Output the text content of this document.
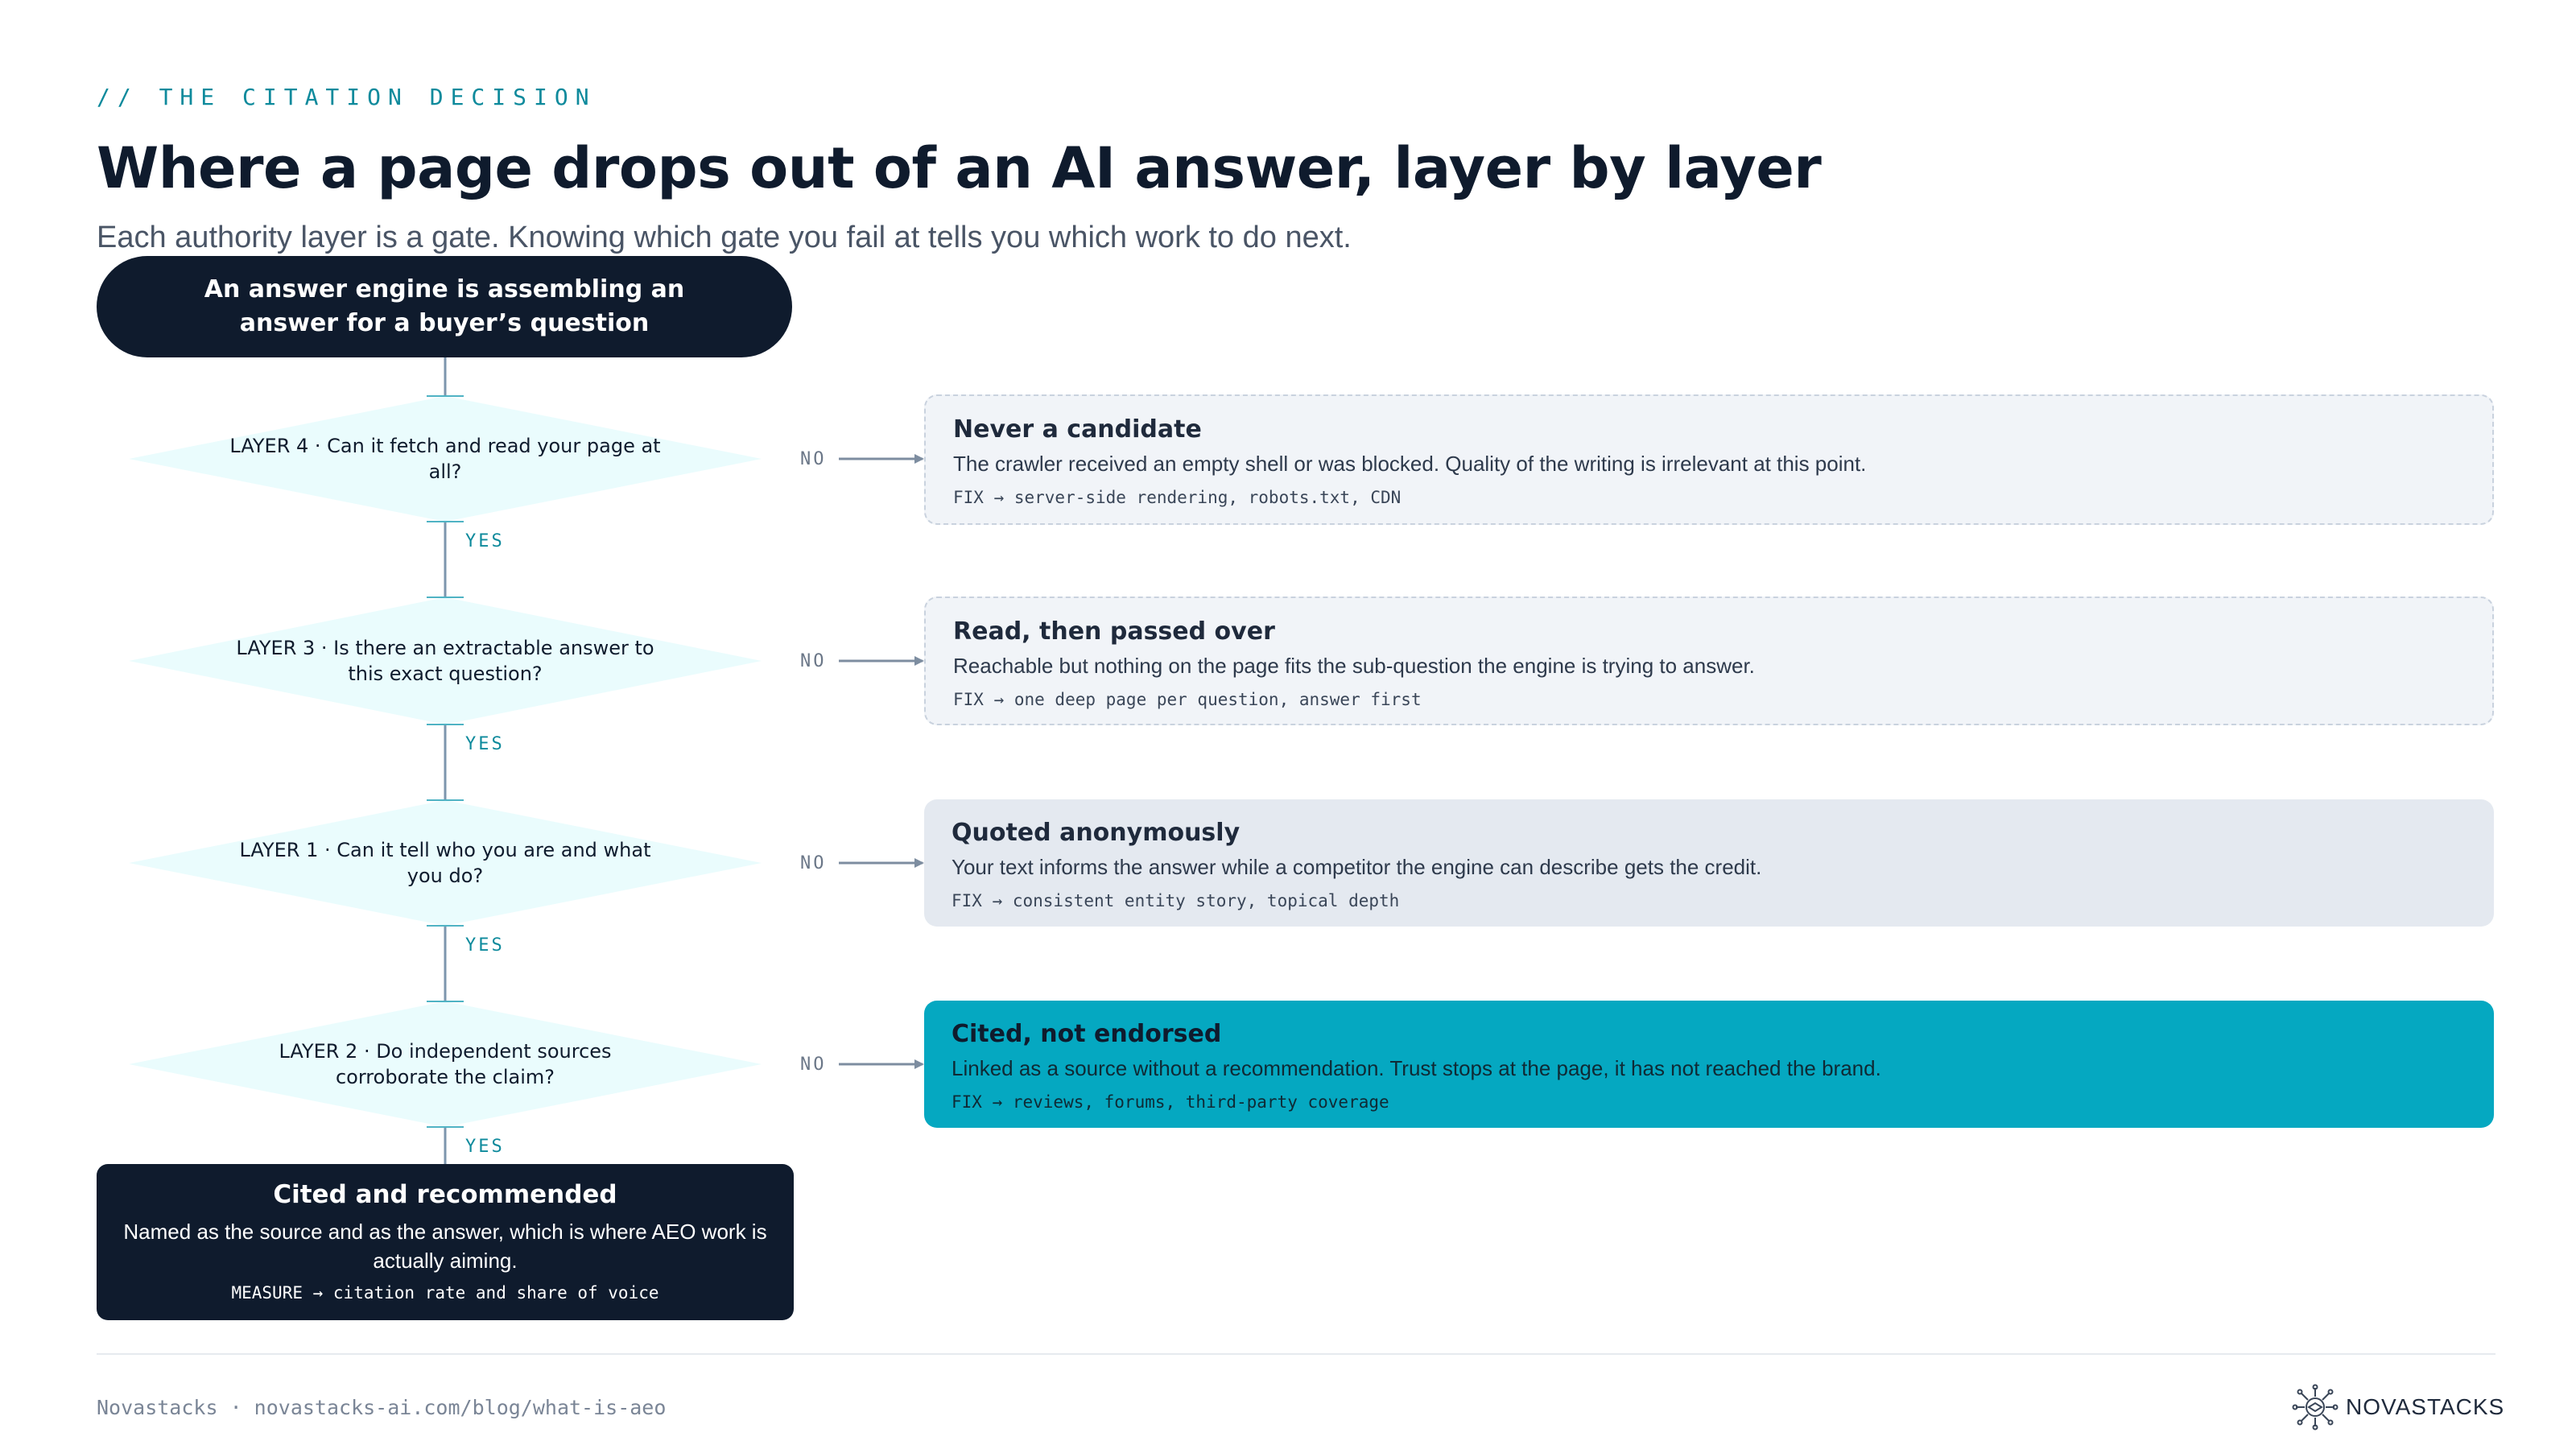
// THE CITATION DECISION
Where a page drops out of an AI answer, layer by layer
Each authority layer is a gate. Knowing which gate you fail at tells you which work to do next.
An answer engine is assembling an answer for a buyer’s question
LAYER 4 · Can it fetch and read your page at all?
LAYER 3 · Is there an extractable answer to this exact question?
LAYER 1 · Can it tell who you are and what you do?
LAYER 2 · Do independent sources corroborate the claim?
YES
YES
YES
YES
NO
NO
NO
NO
Never a candidate
The crawler received an empty shell or was blocked. Quality of the writing is irrelevant at this point.
FIX → server-side rendering, robots.txt, CDN
Read, then passed over
Reachable but nothing on the page fits the sub-question the engine is trying to answer.
FIX → one deep page per question, answer first
Quoted anonymously
Your text informs the answer while a competitor the engine can describe gets the credit.
FIX → consistent entity story, topical depth
Cited, not endorsed
Linked as a source without a recommendation. Trust stops at the page, it has not reached the brand.
FIX → reviews, forums, third-party coverage
Cited and recommended
Named as the source and as the answer, which is where AEO work is actually aiming.
MEASURE → citation rate and share of voice
Novastacks · novastacks-ai.com/blog/what-is-aeo	NOVASTACKS
